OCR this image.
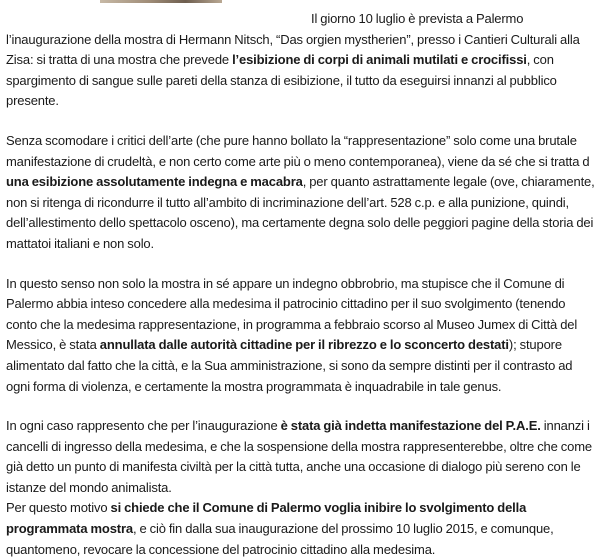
Il giorno 10 luglio è prevista a Palermo l’inaugurazione della mostra di Hermann Nitsch, “Das orgien mystherien”, presso i Cantieri Culturali alla Zisa: si tratta di una mostra che prevede l’esibizione di corpi di animali mutilati e crocifissi, con spargimento di sangue sulle pareti della stanza di esibizione, il tutto da eseguirsi innanzi al pubblico presente.

Senza scomodare i critici dell’arte (che pure hanno bollato la “rappresentazione” solo come una brutale manifestazione di crudeltà, e non certo come arte più o meno contemporanea), viene da sé che si tratta d una esibizione assolutamente indegna e macabra, per quanto astrattamente legale (ove, chiaramente, non si ritenga di ricondurre il tutto all’ambito di incriminazione dell’art. 528 c.p. e alla punizione, quindi, dell’allestimento dello spettacolo osceno), ma certamente degna solo delle peggiori pagine della storia dei mattatoi italiani e non solo.

In questo senso non solo la mostra in sé appare un indegno obbrobrio, ma stupisce che il Comune di Palermo abbia inteso concedere alla medesima il patrocinio cittadino per il suo svolgimento (tenendo conto che la medesima rappresentazione, in programma a febbraio scorso al Museo Jumex di Città del Messico, è stata annullata dalle autorità cittadine per il ribrezzo e lo sconcerto destati); stupore alimentato dal fatto che la città, e la Sua amministrazione, si sono da sempre distinti per il contrasto ad ogni forma di violenza, e certamente la mostra programmata è inquadrabile in tale genus.

In ogni caso rappresento che per l’inaugurazione è stata già indetta manifestazione del P.A.E. innanzi i cancelli di ingresso della medesima, e che la sospensione della mostra rappresenterebbe, oltre che come già detto un punto di manifesta civiltà per la città tutta, anche una occasione di dialogo più sereno con le istanze del mondo animalista.

Per questo motivo si chiede che il Comune di Palermo voglia inibire lo svolgimento della programmata mostra, e ciò fin dalla sua inaugurazione del prossimo 10 luglio 2015, e comunque, quantomeno, revocare la concessione del patrocinio cittadino alla medesima.
